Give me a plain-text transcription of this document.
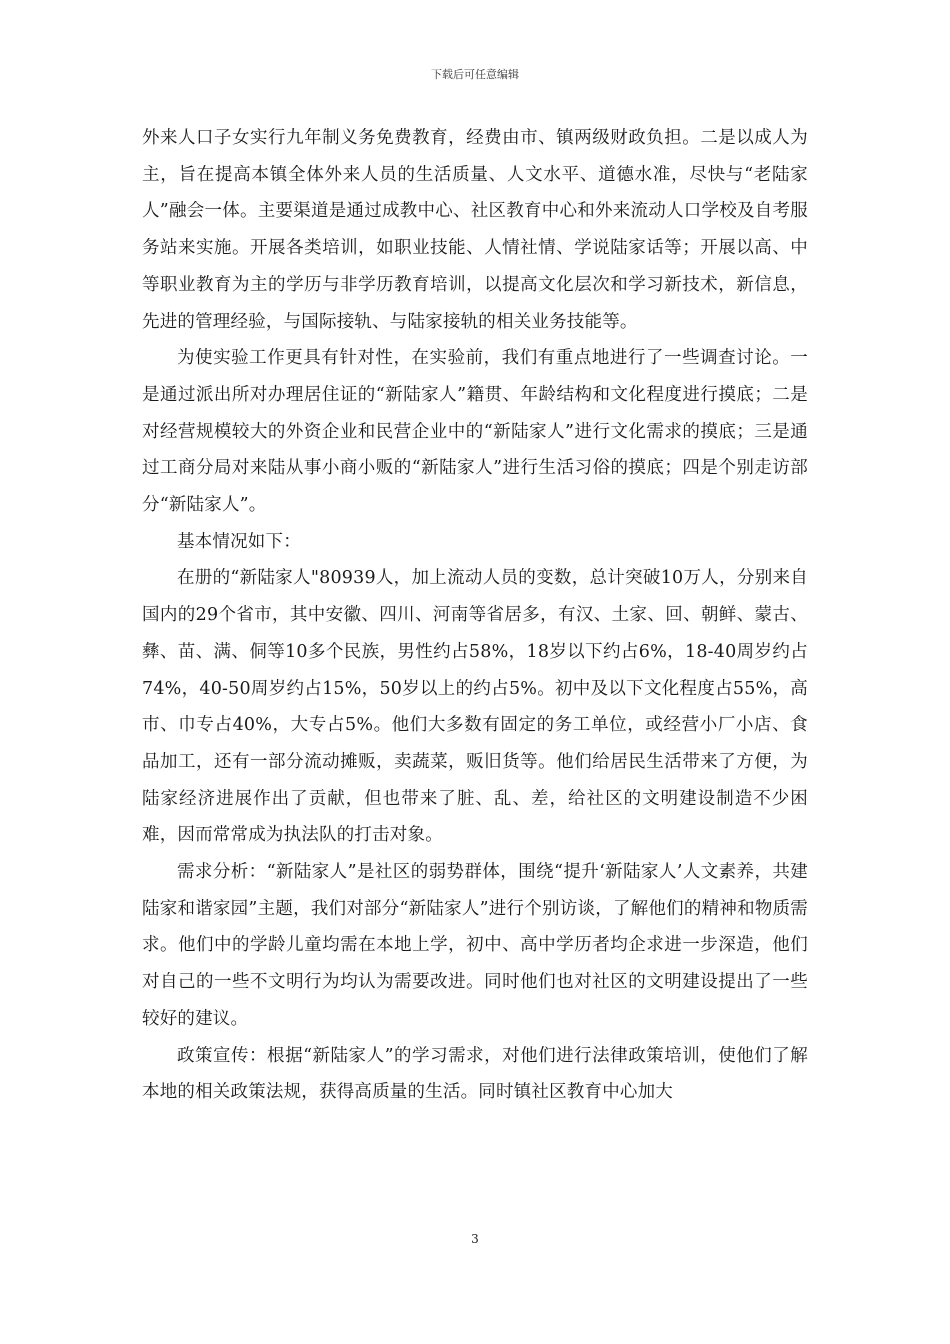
下载后可任意编辑

外来人口子女实行九年制义务免费教育，经费由市、镇两级财政负担。二是以成人为主，旨在提高本镇全体外来人员的生活质量、人文水平、道德水准，尽快与“老陆家人”融会一体。主要渠道是通过成教中心、社区教育中心和外来流动人口学校及自考服务站来实施。开展各类培训，如职业技能、人情社情、学说陆家话等；开展以高、中等职业教育为主的学历与非学历教育培训，以提高文化层次和学习新技术，新信息，先进的管理经验，与国际接轨、与陆家接轨的相关业务技能等。

为使实验工作更具有针对性，在实验前，我们有重点地进行了一些调查讨论。一是通过派出所对办理居住证的“新陆家人”籍贯、年龄结构和文化程度进行摸底；二是对经营规模较大的外资企业和民营企业中的“新陆家人”进行文化需求的摸底；三是通过工商分局对来陆从事小商小贩的“新陆家人”进行生活习俗的摸底；四是个别走访部分“新陆家人”。

基本情况如下：

在册的“新陆家人"80939人，加上流动人员的变数，总计突破10万人，分别来自国内的29个省市，其中安徽、四川、河南等省居多，有汉、土家、回、朝鲜、蒙古、彝、苗、满、侗等10多个民族，男性约占58%，18岁以下约占6%，18-40周岁约占74%，40-50周岁约占15%，50岁以上的约占5%。初中及以下文化程度占55%，高巿、巾专占40%，大专占5%。他们大多数有固定的务工单位，或经营小厂小店、食品加工，还有一部分流动摊贩，卖蔬菜，贩旧货等。他们给居民生活带来了方便，为陆家经济进展作出了贡献，但也带来了脏、乱、差，给社区的文明建设制造不少困难，因而常常成为执法队的打击对象。

需求分析：“新陆家人”是社区的弱势群体，围绕“提升‘新陆家人’人文素养，共建陆家和谐家园”主题，我们对部分“新陆家人”进行个别访谈，了解他们的精神和物质需求。他们中的学龄儿童均需在本地上学，初中、高中学历者均企求进一步深造，他们对自己的一些不文明行为均认为需要改进。同时他们也对社区的文明建设提出了一些较好的建议。

政策宣传：根据“新陆家人”的学习需求，对他们进行法律政策培训，使他们了解本地的相关政策法规，获得高质量的生活。同时镇社区教育中心加大

3
